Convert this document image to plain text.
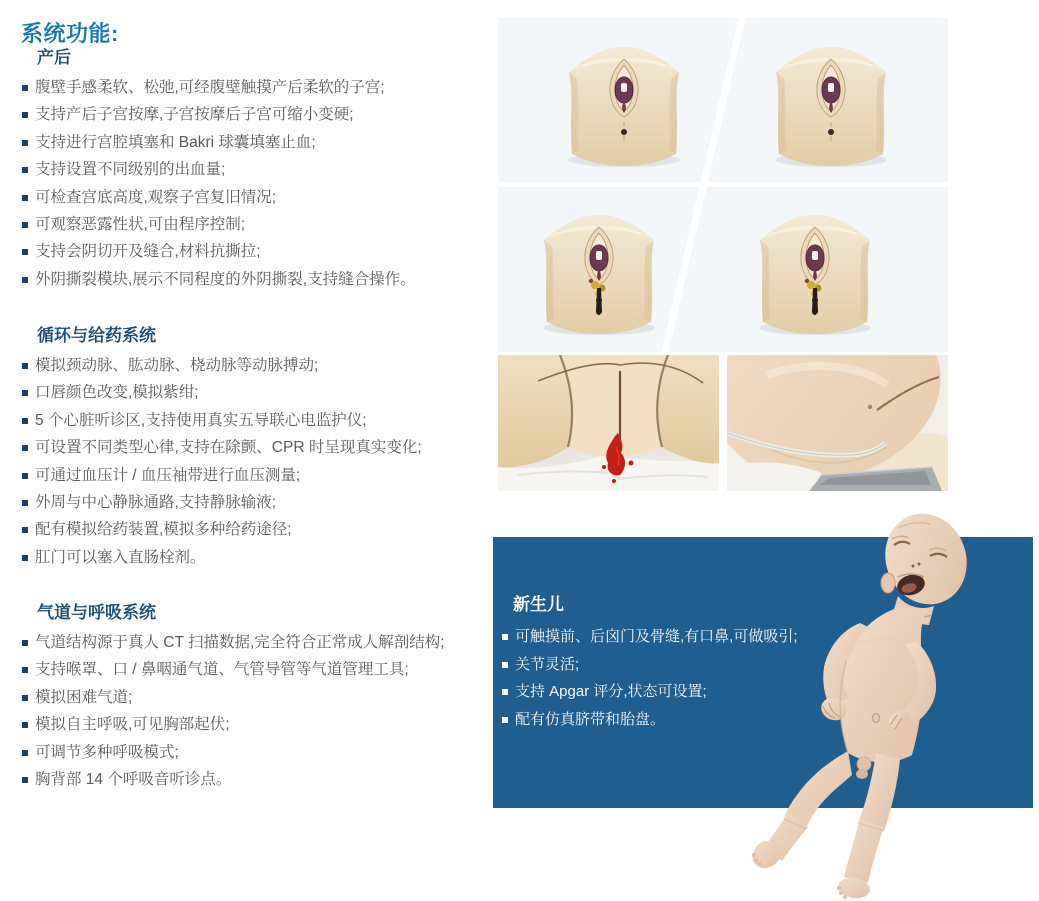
系统功能:
产后
腹壁手感柔软、松弛,可经腹壁触摸产后柔软的子宫;
支持产后子宫按摩,子宫按摩后子宫可缩小变硬;
支持进行宫腔填塞和 Bakri 球囊填塞止血;
支持设置不同级别的出血量;
可检查宫底高度,观察子宫复旧情况;
可观察恶露性状,可由程序控制;
支持会阴切开及缝合,材料抗撕拉;
外阴撕裂模块,展示不同程度的外阴撕裂,支持缝合操作。
循环与给药系统
模拟颈动脉、肱动脉、桡动脉等动脉搏动;
口唇颜色改变,模拟紫绀;
5 个心脏听诊区,支持使用真实五导联心电监护仪;
可设置不同类型心律,支持在除颤、CPR 时呈现真实变化;
可通过血压计 / 血压袖带进行血压测量;
外周与中心静脉通路,支持静脉输液;
配有模拟给药装置,模拟多种给药途径;
肛门可以塞入直肠栓剂。
气道与呼吸系统
气道结构源于真人 CT 扫描数据,完全符合正常成人解剖结构;
支持喉罩、口 / 鼻咽通气道、气管导管等气道管理工具;
模拟困难气道;
模拟自主呼吸,可见胸部起伏;
可调节多种呼吸模式;
胸背部 14 个呼吸音听诊点。
新生儿
可触摸前、后囟门及骨缝,有口鼻,可做吸引;
关节灵活;
支持 Apgar 评分,状态可设置;
配有仿真脐带和胎盘。
